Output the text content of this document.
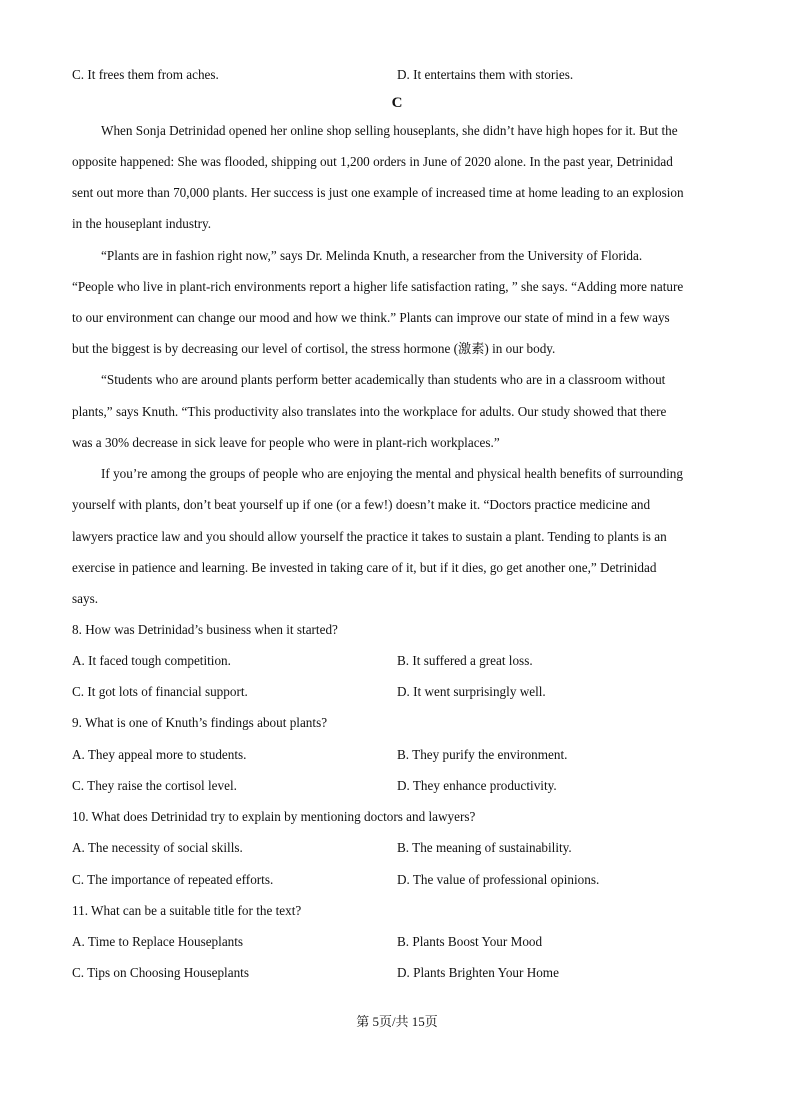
C. It frees them from aches.	D. It entertains them with stories.
C
When Sonja Detrinidad opened her online shop selling houseplants, she didn’t have high hopes for it. But the
opposite happened: She was flooded, shipping out 1,200 orders in June of 2020 alone. In the past year, Detrinidad
sent out more than 70,000 plants. Her success is just one example of increased time at home leading to an explosion
in the houseplant industry.
“Plants are in fashion right now,” says Dr. Melinda Knuth, a researcher from the University of Florida.
“People who live in plant-rich environments report a higher life satisfaction rating, ” she says. “Adding more nature
to our environment can change our mood and how we think.” Plants can improve our state of mind in a few ways
but the biggest is by decreasing our level of cortisol, the stress hormone (激素) in our body.
“Students who are around plants perform better academically than students who are in a classroom without
plants,” says Knuth. “This productivity also translates into the workplace for adults. Our study showed that there
was a 30% decrease in sick leave for people who were in plant-rich workplaces.”
If you’re among the groups of people who are enjoying the mental and physical health benefits of surrounding
yourself with plants, don’t beat yourself up if one (or a few!) doesn’t make it. “Doctors practice medicine and
lawyers practice law and you should allow yourself the practice it takes to sustain a plant. Tending to plants is an
exercise in patience and learning. Be invested in taking care of it, but if it dies, go get another one,” Detrinidad
says.
8. How was Detrinidad’s business when it started?
A. It faced tough competition.	B. It suffered a great loss.
C. It got lots of financial support.	D. It went surprisingly well.
9. What is one of Knuth’s findings about plants?
A. They appeal more to students.	B. They purify the environment.
C. They raise the cortisol level.	D. They enhance productivity.
10. What does Detrinidad try to explain by mentioning doctors and lawyers?
A. The necessity of social skills.	B. The meaning of sustainability.
C. The importance of repeated efforts.	D. The value of professional opinions.
11. What can be a suitable title for the text?
A. Time to Replace Houseplants	B. Plants Boost Your Mood
C. Tips on Choosing Houseplants	D. Plants Brighten Your Home
第 5页/共 15页
